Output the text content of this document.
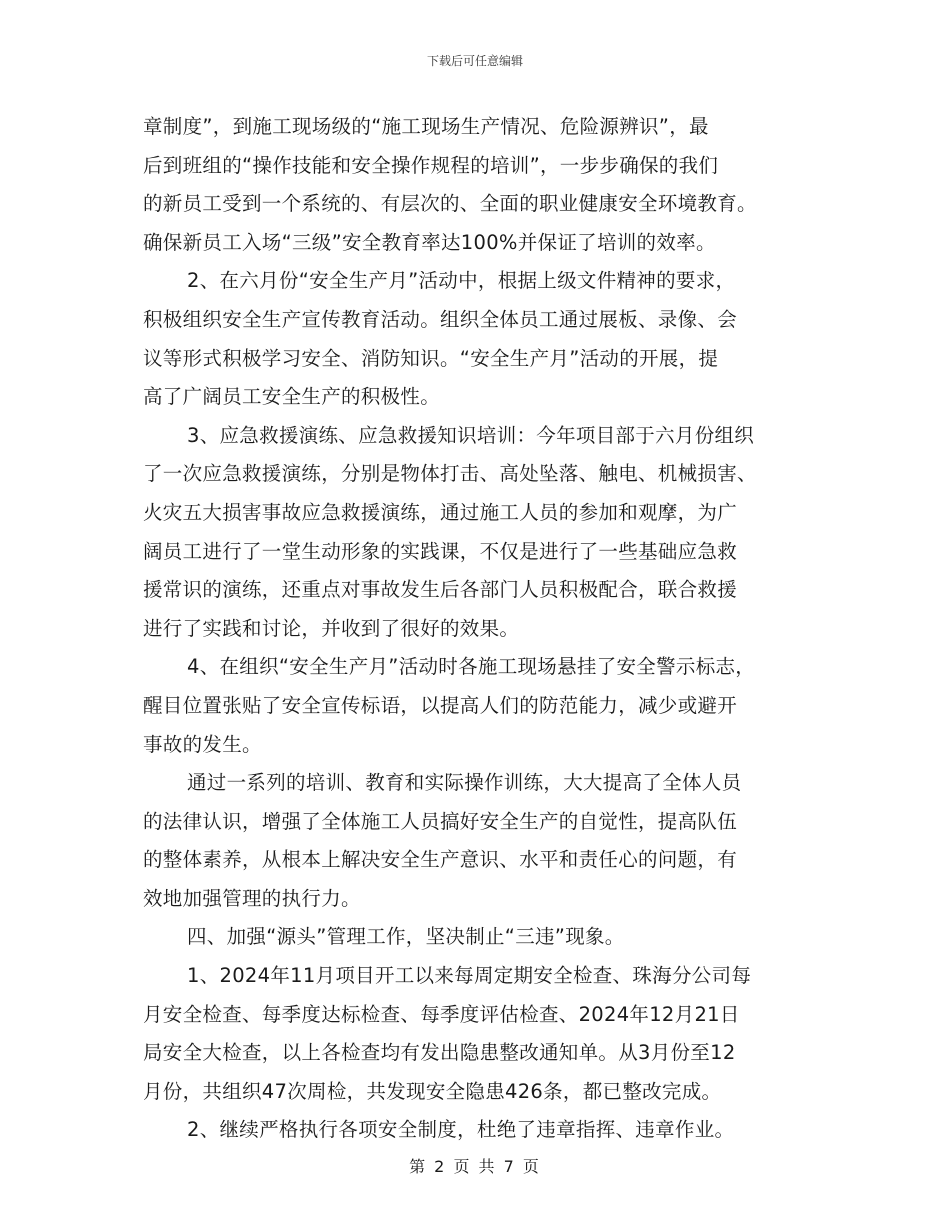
下载后可任意编辑
章制度”，到施工现场级的“施工现场生产情况、危险源辨识”，最
后到班组的“操作技能和安全操作规程的培训”，一步步确保的我们
的新员工受到一个系统的、有层次的、全面的职业健康安全环境教育。
确保新员工入场“三级”安全教育率达100%并保证了培训的效率。
2、在六月份“安全生产月”活动中，根据上级文件精神的要求，
积极组织安全生产宣传教育活动。组织全体员工通过展板、录像、会
议等形式积极学习安全、消防知识。“安全生产月”活动的开展，提
高了广阔员工安全生产的积极性。
3、应急救援演练、应急救援知识培训：今年项目部于六月份组织
了一次应急救援演练，分别是物体打击、高处坠落、触电、机械损害、
火灾五大损害事故应急救援演练，通过施工人员的参加和观摩，为广
阔员工进行了一堂生动形象的实践课，不仅是进行了一些基础应急救
援常识的演练，还重点对事故发生后各部门人员积极配合，联合救援
进行了实践和讨论，并收到了很好的效果。
4、在组织“安全生产月”活动时各施工现场悬挂了安全警示标志，
醒目位置张贴了安全宣传标语，以提高人们的防范能力，减少或避开
事故的发生。
通过一系列的培训、教育和实际操作训练，大大提高了全体人员
的法律认识，增强了全体施工人员搞好安全生产的自觉性，提高队伍
的整体素养，从根本上解决安全生产意识、水平和责任心的问题，有
效地加强管理的执行力。
四、加强“源头”管理工作，坚决制止“三违”现象。
1、2024年11月项目开工以来每周定期安全检查、珠海分公司每
月安全检查、每季度达标检查、每季度评估检查、2024年12月21日
局安全大检查，以上各检查均有发出隐患整改通知单。从3月份至12
月份，共组织47次周检，共发现安全隐患426条，都已整改完成。
2、继续严格执行各项安全制度，杜绝了违章指挥、违章作业。
第 2 页 共 7 页
